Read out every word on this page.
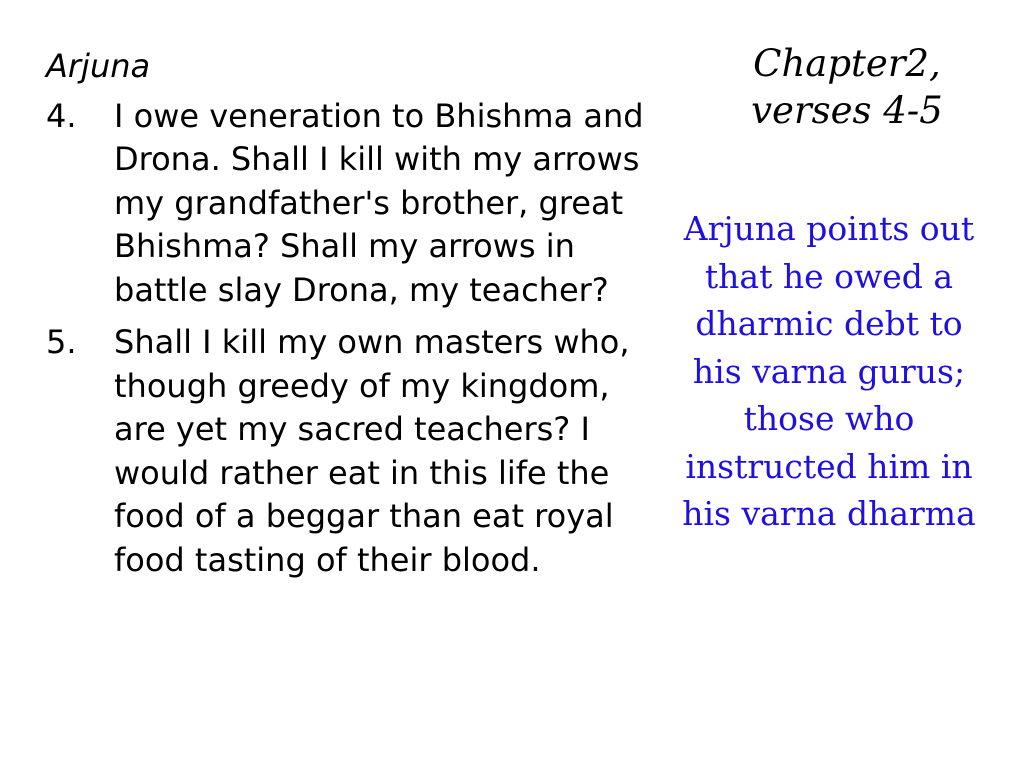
Arjuna
4.	I owe veneration to Bhishma and Drona. Shall I kill with my arrows my grandfather's brother, great Bhishma? Shall my arrows in battle slay Drona, my teacher?
5.	Shall I kill my own masters who, though greedy of my kingdom, are yet my sacred teachers? I would rather eat in this life the food of a beggar than eat royal food tasting of their blood.
Chapter2,
verses 4-5
Arjuna points out that he owed a dharmic debt to his varna gurus; those who instructed him in his varna dharma
